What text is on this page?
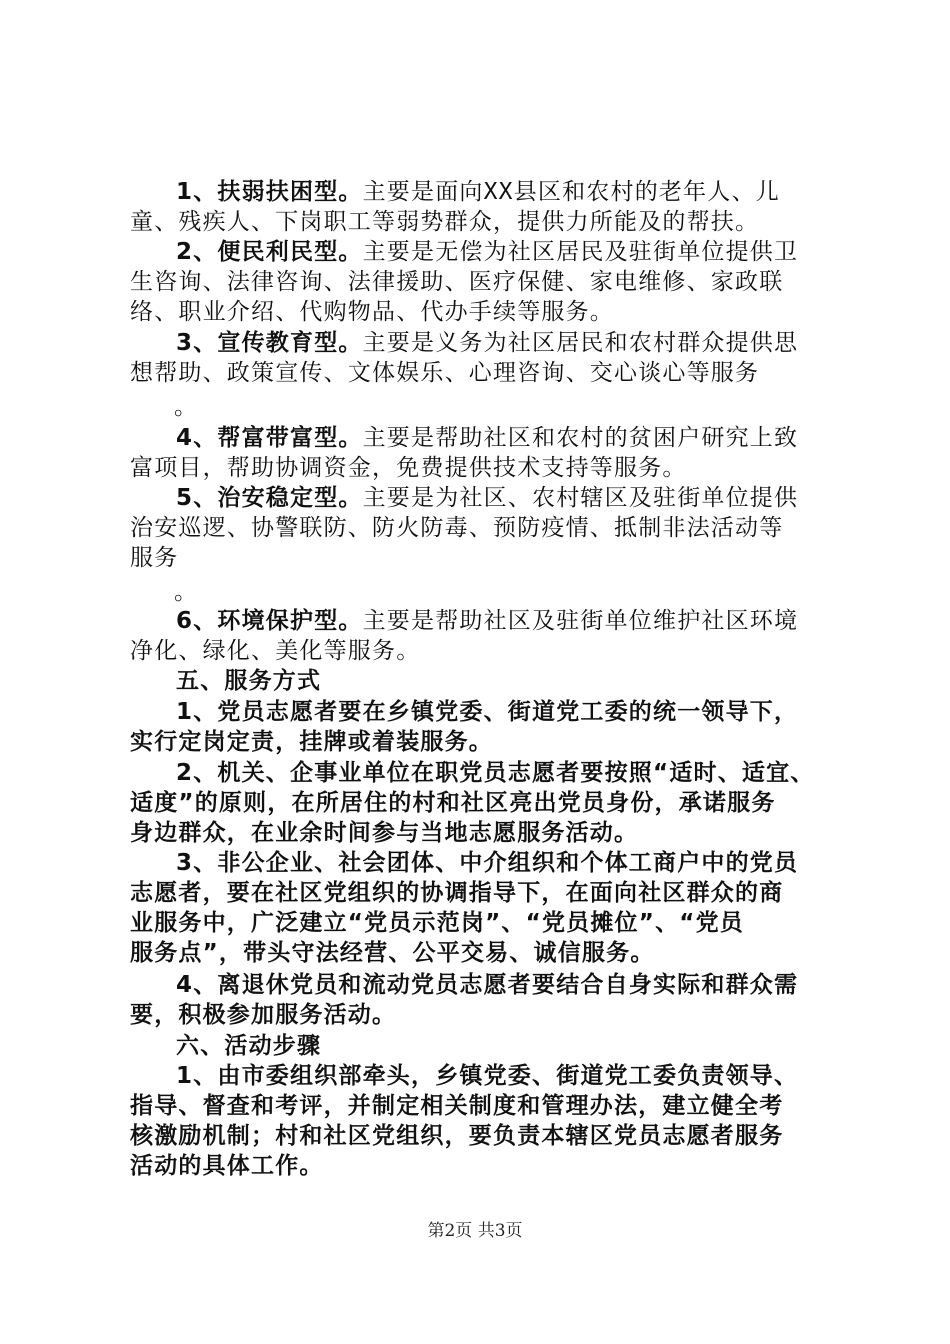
1、扶弱扶困型。主要是面向XX县区和农村的老年人、儿
童、残疾人、下岗职工等弱势群众，提供力所能及的帮扶。
2、便民利民型。主要是无偿为社区居民及驻街单位提供卫
生咨询、法律咨询、法律援助、医疗保健、家电维修、家政联
络、职业介绍、代购物品、代办手续等服务。
3、宣传教育型。主要是义务为社区居民和农村群众提供思
想帮助、政策宣传、文体娱乐、心理咨询、交心谈心等服务
。
4、帮富带富型。主要是帮助社区和农村的贫困户研究上致
富项目，帮助协调资金，免费提供技术支持等服务。
5、治安稳定型。主要是为社区、农村辖区及驻街单位提供
治安巡逻、协警联防、防火防毒、预防疫情、抵制非法活动等
服务
。
6、环境保护型。主要是帮助社区及驻街单位维护社区环境
净化、绿化、美化等服务。
五、服务方式
1、党员志愿者要在乡镇党委、街道党工委的统一领导下，
实行定岗定责，挂牌或着装服务。
2、机关、企事业单位在职党员志愿者要按照“适时、适宜、
适度”的原则，在所居住的村和社区亮出党员身份，承诺服务
身边群众，在业余时间参与当地志愿服务活动。
3、非公企业、社会团体、中介组织和个体工商户中的党员
志愿者，要在社区党组织的协调指导下，在面向社区群众的商
业服务中，广泛建立“党员示范岗”、“党员摊位”、“党员
服务点”，带头守法经营、公平交易、诚信服务。
4、离退休党员和流动党员志愿者要结合自身实际和群众需
要，积极参加服务活动。
六、活动步骤
1、由市委组织部牵头，乡镇党委、街道党工委负责领导、
指导、督查和考评，并制定相关制度和管理办法，建立健全考
核激励机制；村和社区党组织，要负责本辖区党员志愿者服务
活动的具体工作。
第2页 共3页
